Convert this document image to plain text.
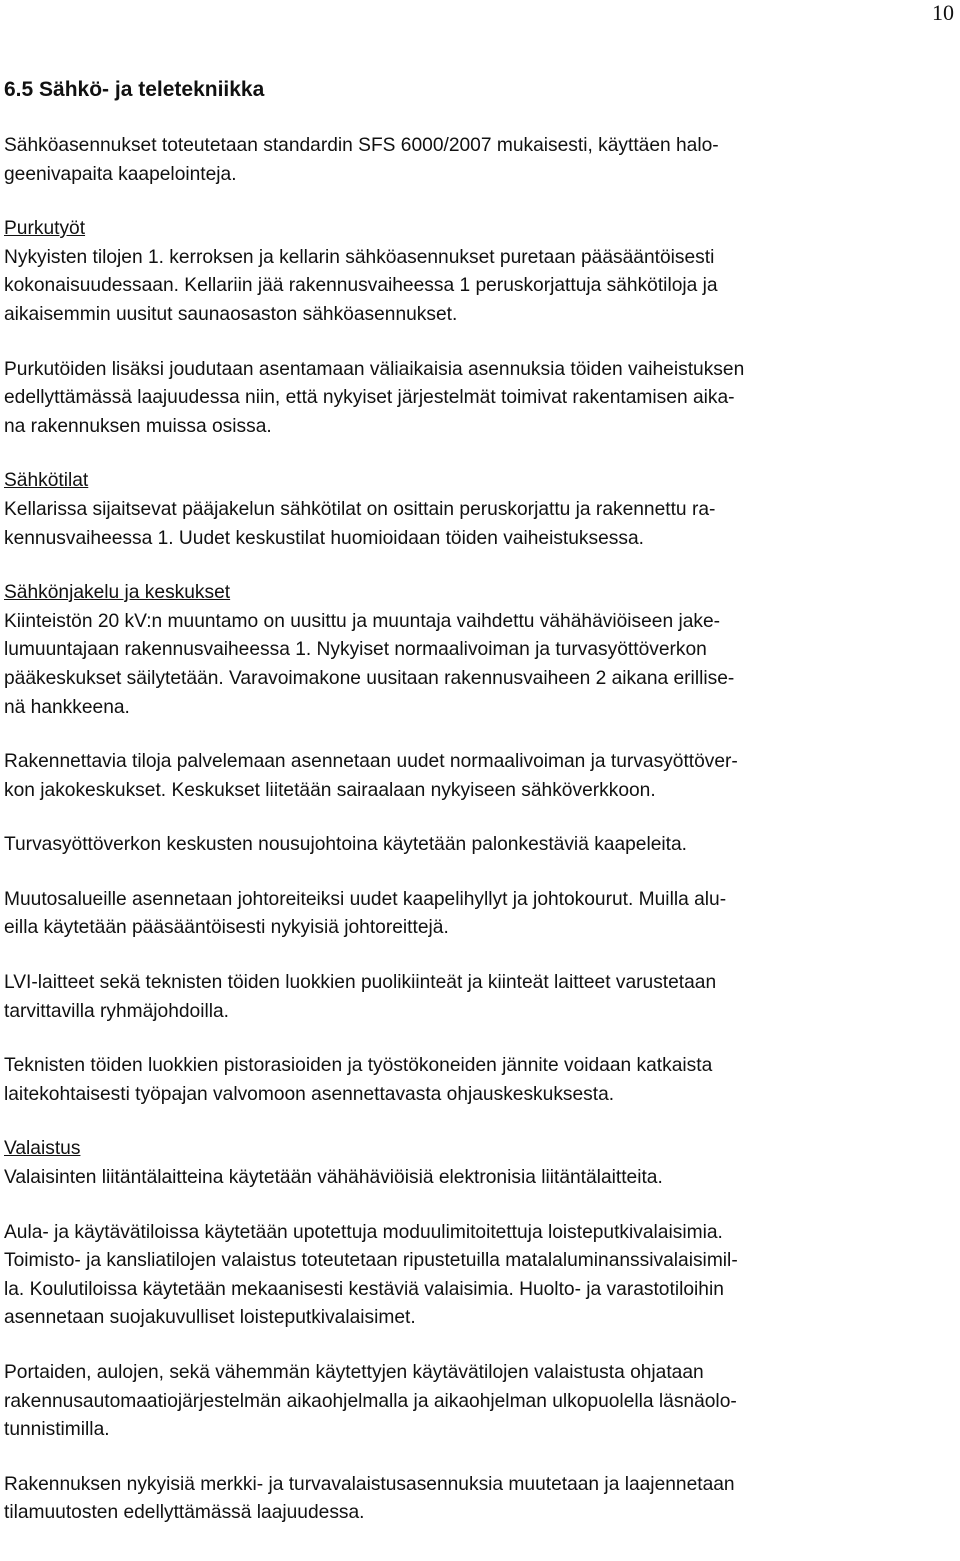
10
6.5 Sähkö- ja teletekniikka

Sähköasennukset toteutetaan standardin SFS 6000/2007 mukaisesti, käyttäen halo-
geenivapaita kaapelointeja.

Purkutyöt
Nykyisten tilojen 1. kerroksen ja kellarin sähköasennukset puretaan pääsääntöisesti
kokonaisuudessaan. Kellariin jää rakennusvaiheessa 1 peruskorjattuja sähkötiloja ja
aikaisemmin uusitut saunaosaston sähköasennukset.

Purkutöiden lisäksi joudutaan asentamaan väliaikaisia asennuksia töiden vaiheistuksen
edellyttämässä laajuudessa niin, että nykyiset järjestelmät toimivat rakentamisen aika-
na rakennuksen muissa osissa.

Sähkötilat
Kellarissa sijaitsevat pääjakelun sähkötilat on osittain peruskorjattu ja rakennettu ra-
kennusvaiheessa 1. Uudet keskustilat huomioidaan töiden vaiheistuksessa.

Sähkönjakelu ja keskukset
Kiinteistön 20 kV:n muuntamo on uusittu ja muuntaja vaihdettu vähähäviöiseen jake-
lumuuntajaan rakennusvaiheessa 1. Nykyiset normaalivoiman ja turvasyöttöverkon
pääkeskukset säilytetään. Varavoimakone uusitaan rakennusvaiheen 2 aikana erillise-
nä hankkeena.

Rakennettavia tiloja palvelemaan asennetaan uudet normaalivoiman ja turvasyöttöver-
kon jakokeskukset. Keskukset liitetään sairaalaan nykyiseen sähköverkkoon.

Turvasyöttöverkon keskusten nousujohtoina käytetään palonkestäviä kaapeleita.

Muutosalueille asennetaan johtoreiteiksi uudet kaapelihyllyt ja johtokourut. Muilla alu-
eilla käytetään pääsääntöisesti nykyisiä johtoreittejä.

LVI-laitteet sekä teknisten töiden luokkien puolikiinteät ja kiinteät laitteet varustetaan
tarvittavilla ryhmäjohdoilla.

Teknisten töiden luokkien pistorasioiden ja työstökoneiden jännite voidaan katkaista
laitekohtaisesti työpajan valvomoon asennettavasta ohjauskeskuksesta.

Valaistus
Valaisinten liitäntälaitteina käytetään vähähäviöisiä elektronisia liitäntälaitteita.

Aula- ja käytävätiloissa käytetään upotettuja moduulimitoitettuja loisteputkivalaisimia.
Toimisto- ja kansliatilojen valaistus toteutetaan ripustetuilla matalaluminanssivalaisimil-
la. Koulutiloissa käytetään mekaanisesti kestäviä valaisimia. Huolto- ja varastotiloihin
asennetaan suojakuvulliset loisteputkivalaisimet.

Portaiden, aulojen, sekä vähemmän käytettyjen käytävätilojen valaistusta ohjataan
rakennusautomaatiojärjestelmän aikaohjelmalla ja aikaohjelman ulkopuolella läsnäolo-
tunnistimilla.

Rakennuksen nykyisiä merkki- ja turvavalaistusasennuksia muutetaan ja laajennetaan
tilamuutosten edellyttämässä laajuudessa.
